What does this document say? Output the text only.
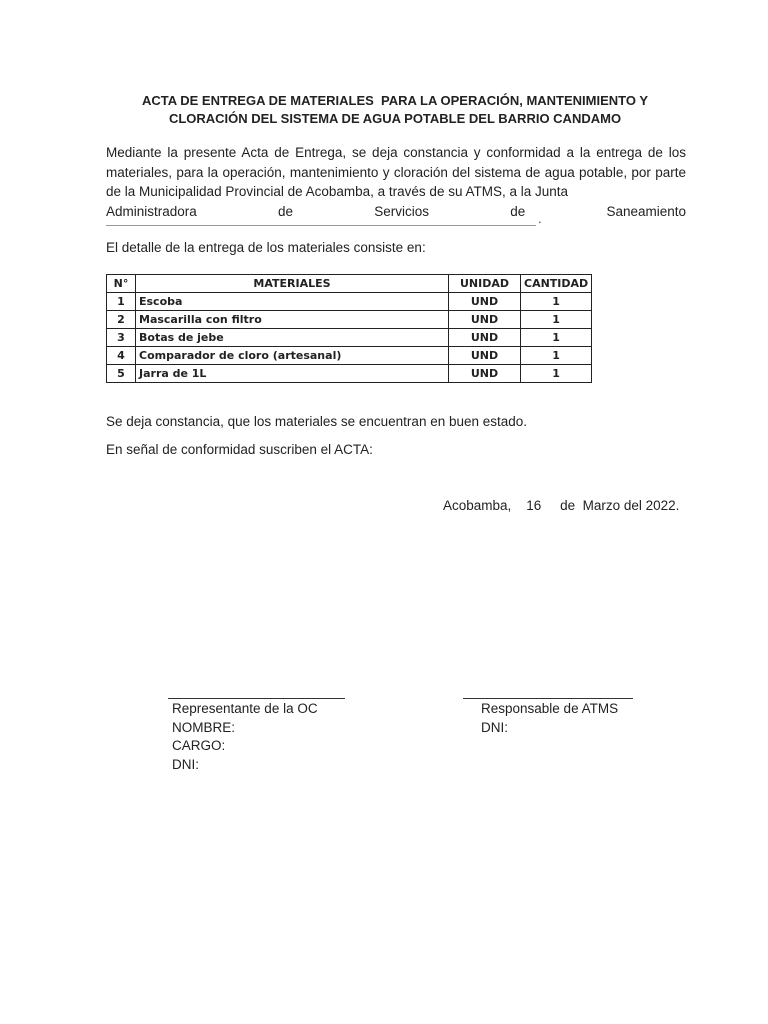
ACTA DE ENTREGA DE MATERIALES  PARA LA OPERACIÓN, MANTENIMIENTO Y
CLORACIÓN DEL SISTEMA DE AGUA POTABLE DEL BARRIO CANDAMO
Mediante la presente Acta de Entrega, se deja constancia y conformidad a la entrega de los materiales, para la operación, mantenimiento y cloración del sistema de agua potable, por parte de la Municipalidad Provincial de Acobamba, a través de su ATMS, a la Junta
Administradora	de	Servicios	de	Saneamiento
.
El detalle de la entrega de los materiales consiste en:
N°	MATERIALES	UNIDAD	CANTIDAD
1	Escoba	UND	1
2	Mascarilla con filtro	UND	1
3	Botas de jebe	UND	1
4	Comparador de cloro (artesanal)	UND	1
5	Jarra de 1L	UND	1
Se deja constancia, que los materiales se encuentran en buen estado.
En señal de conformidad suscriben el ACTA:
Acobamba,    16     de  Marzo del 2022.
Representante de la OC
NOMBRE:
CARGO:
DNI:
Responsable de ATMS
DNI:
